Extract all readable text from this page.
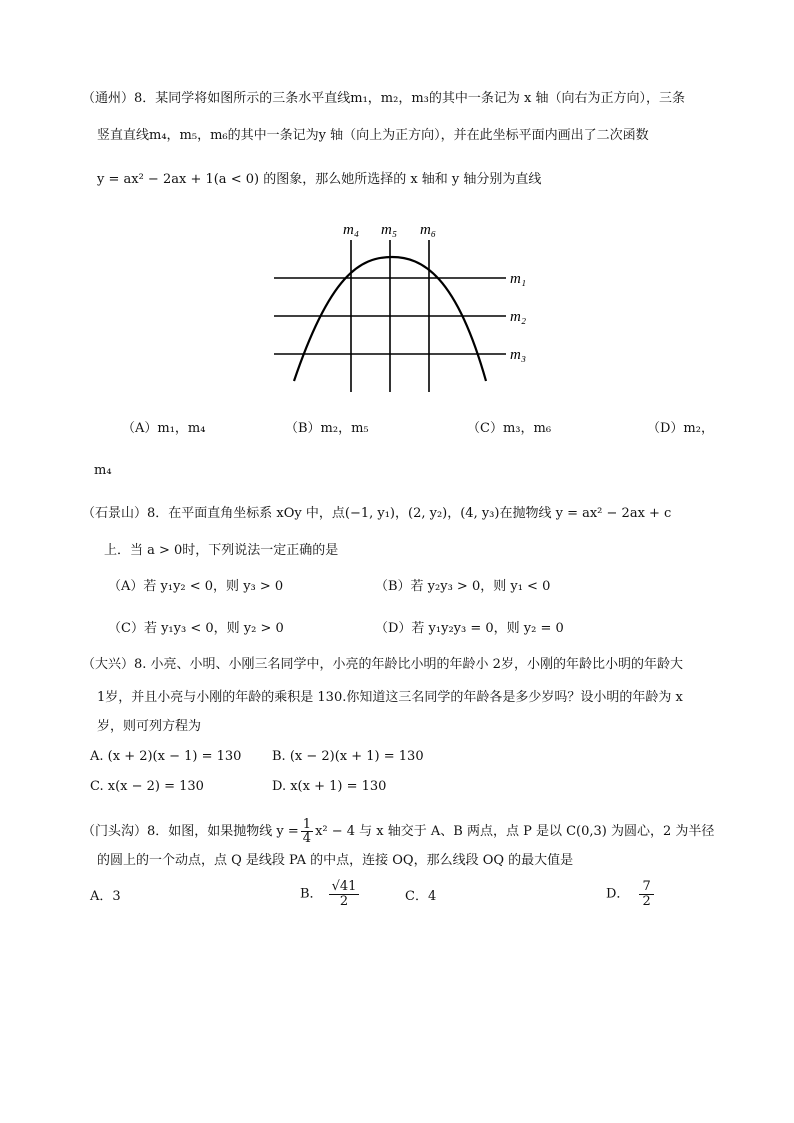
（通州）8．某同学将如图所示的三条水平直线m₁，m₂，m₃的其中一条记为 x 轴（向右为正方向），三条
竖直直线m₄，m₅，m₆的其中一条记为y 轴（向上为正方向），并在此坐标平面内画出了二次函数
y = ax² − 2ax + 1(a < 0) 的图象，那么她所选择的 x 轴和 y 轴分别为直线
m₄ m₅ m₆
m₁
m₂
m₃
（A）m₁，m₄	（B）m₂，m₅	（C）m₃，m₆	（D）m₂，
m₄
（石景山）8．在平面直角坐标系 xOy 中，点(−1, y₁)，(2, y₂)，(4, y₃)在抛物线 y = ax² − 2ax + c
上．当 a > 0时，下列说法一定正确的是
（A）若 y₁y₂ < 0，则 y₃ > 0	（B）若 y₂y₃ > 0，则 y₁ < 0
（C）若 y₁y₃ < 0，则 y₂ > 0	（D）若 y₁y₂y₃ = 0，则 y₂ = 0
（大兴）8. 小亮、小明、小刚三名同学中，小亮的年龄比小明的年龄小 2岁，小刚的年龄比小明的年龄大
1岁，并且小亮与小刚的年龄的乘积是 130.你知道这三名同学的年龄各是多少岁吗？设小明的年龄为 x
岁，则可列方程为
A. (x + 2)(x − 1) = 130 B. (x − 2)(x + 1) = 130
C. x(x − 2) = 130	D. x(x + 1) = 130
（门头沟）8．如图，如果抛物线 $y = \frac{1}{4} x^2 - 4$ 与 x 轴交于 A、B 两点，点 P 是以 C(0,3) 为圆心，2 为半径
的圆上的一个动点，点 Q 是线段 PA 的中点，连接 OQ，那么线段 OQ 的最大值是
A．3	B． $\frac{√41}{2}$	C．4	D． $\frac{7}{2}$
